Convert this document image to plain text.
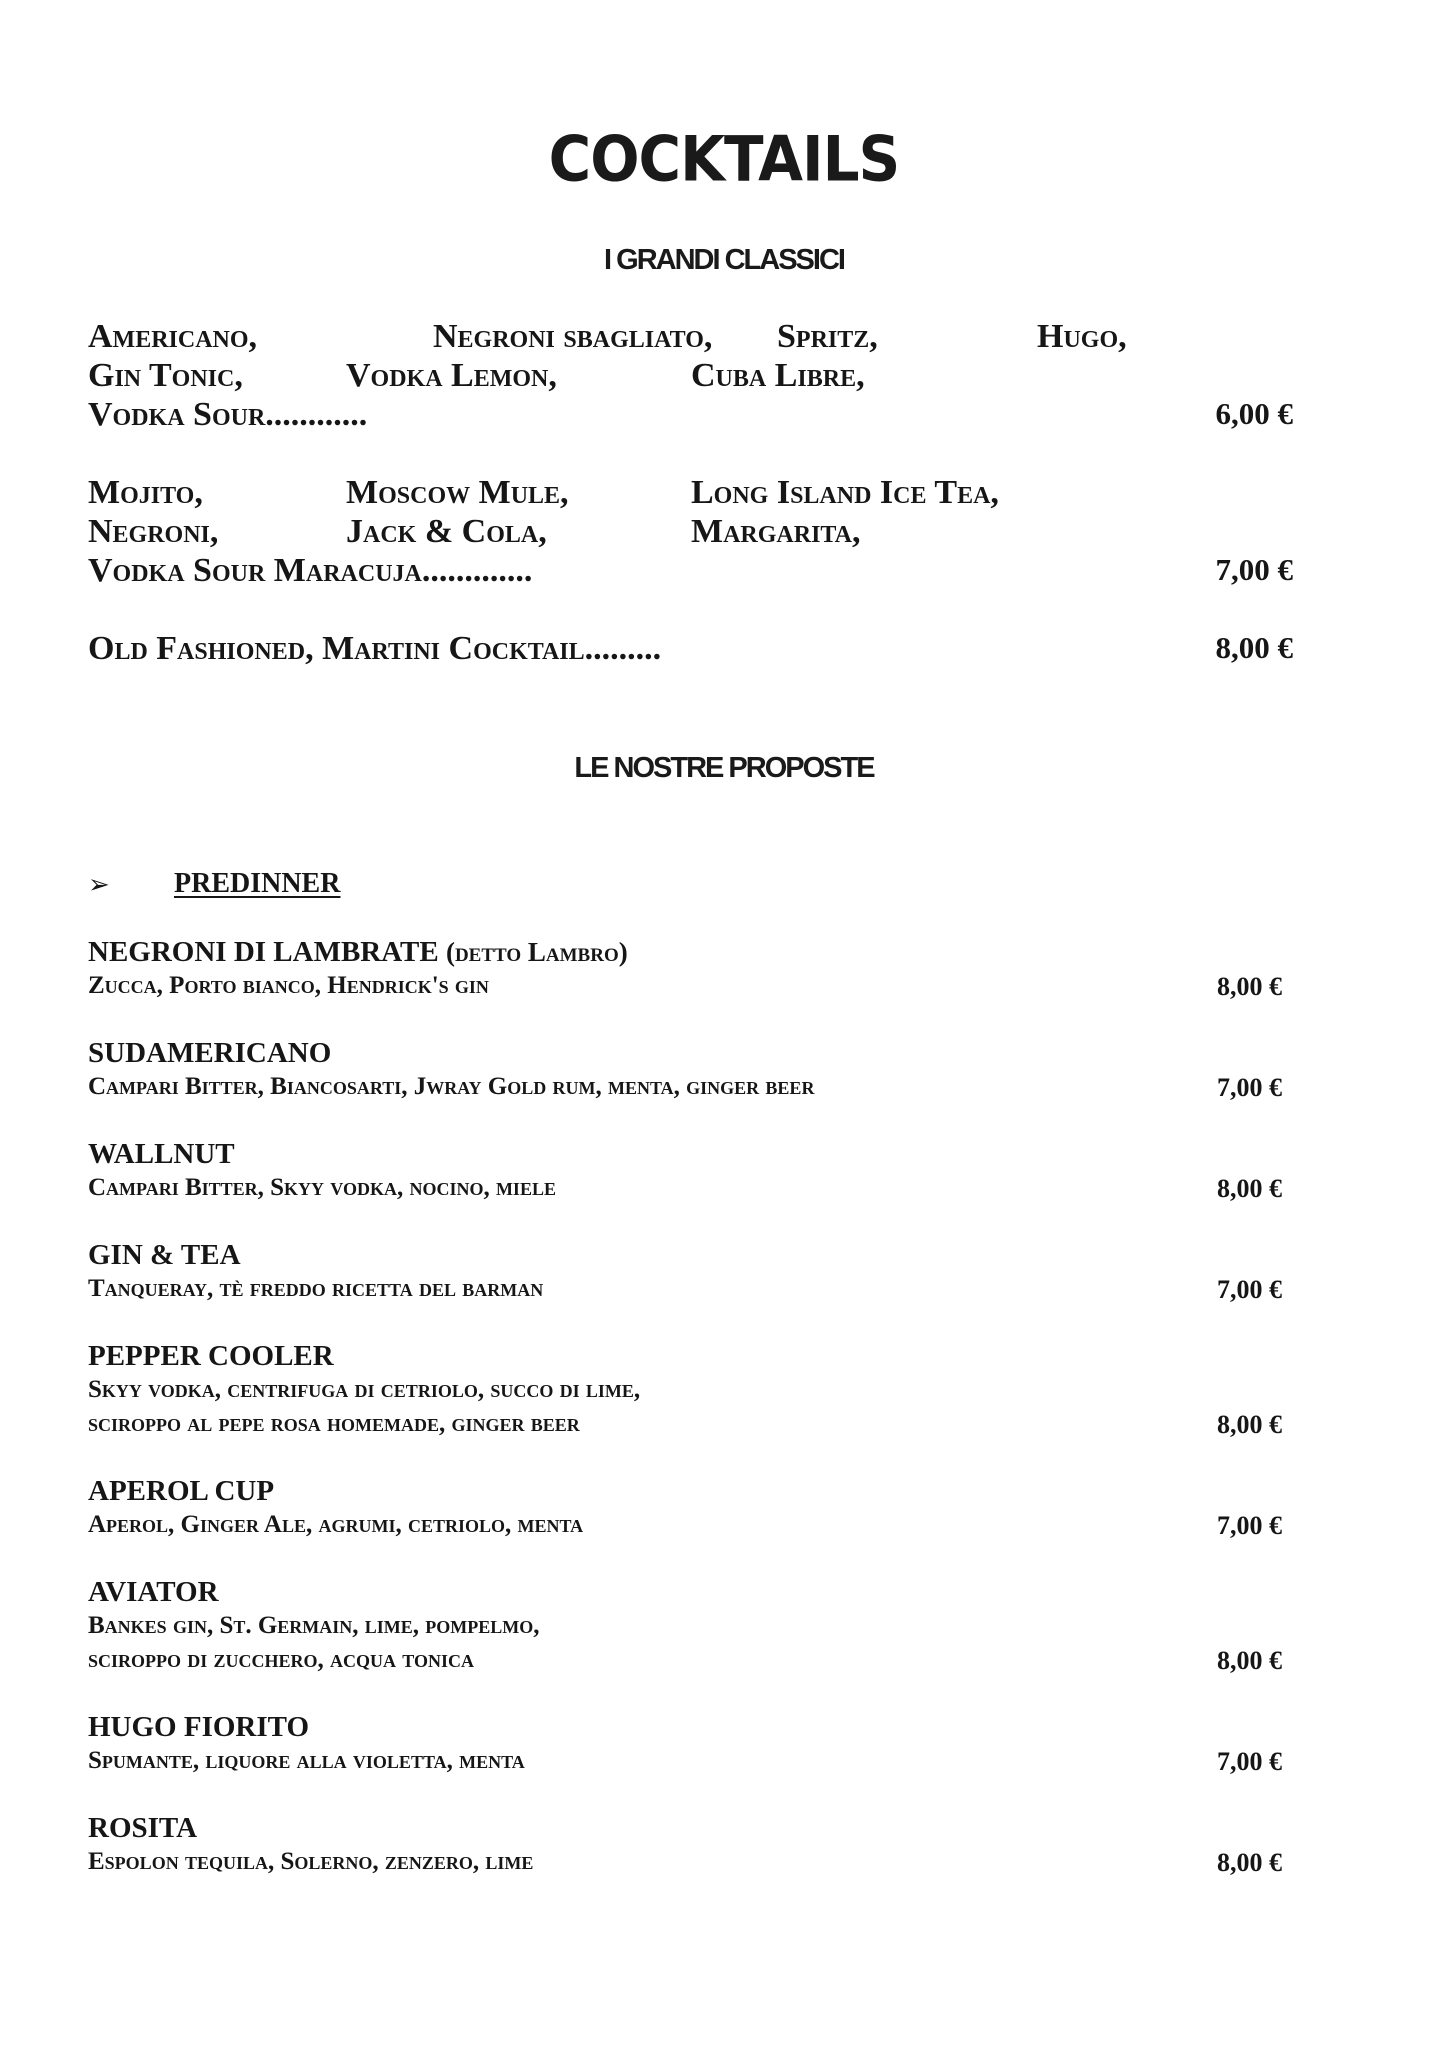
COCKTAILS
I GRANDI CLASSICI
Americano,	Negroni sbagliato, Spritz,	Hugo,
Gin Tonic,	Vodka Lemon,	Cuba Libre,
Vodka Sour............	6,00 €
Mojito,	Moscow Mule,	Long Island Ice Tea,
Negroni,	Jack & Cola,	Margarita,
Vodka Sour Maracuja.............	7,00 €
Old Fashioned, Martini Cocktail.........	8,00 €
LE NOSTRE PROPOSTE
➢ PREDINNER
NEGRONI DI LAMBRATE (detto Lambro)
Zucca, Porto bianco, Hendrick's gin	8,00 €
SUDAMERICANO
Campari Bitter, Biancosarti, Jwray Gold rum, menta, ginger beer	7,00 €
WALLNUT
Campari Bitter, Skyy vodka, nocino, miele	8,00 €
GIN & TEA
Tanqueray, tè freddo ricetta del barman	7,00 €
PEPPER COOLER
Skyy vodka, centrifuga di cetriolo, succo di lime,
sciroppo al pepe rosa homemade, ginger beer	8,00 €
APEROL CUP
Aperol, Ginger Ale, agrumi, cetriolo, menta	7,00 €
AVIATOR
Bankes gin, St. Germain, lime, pompelmo,
sciroppo di zucchero, acqua tonica	8,00 €
HUGO FIORITO
Spumante, liquore alla violetta, menta	7,00 €
ROSITA
Espolon tequila, Solerno, zenzero, lime	8,00 €
